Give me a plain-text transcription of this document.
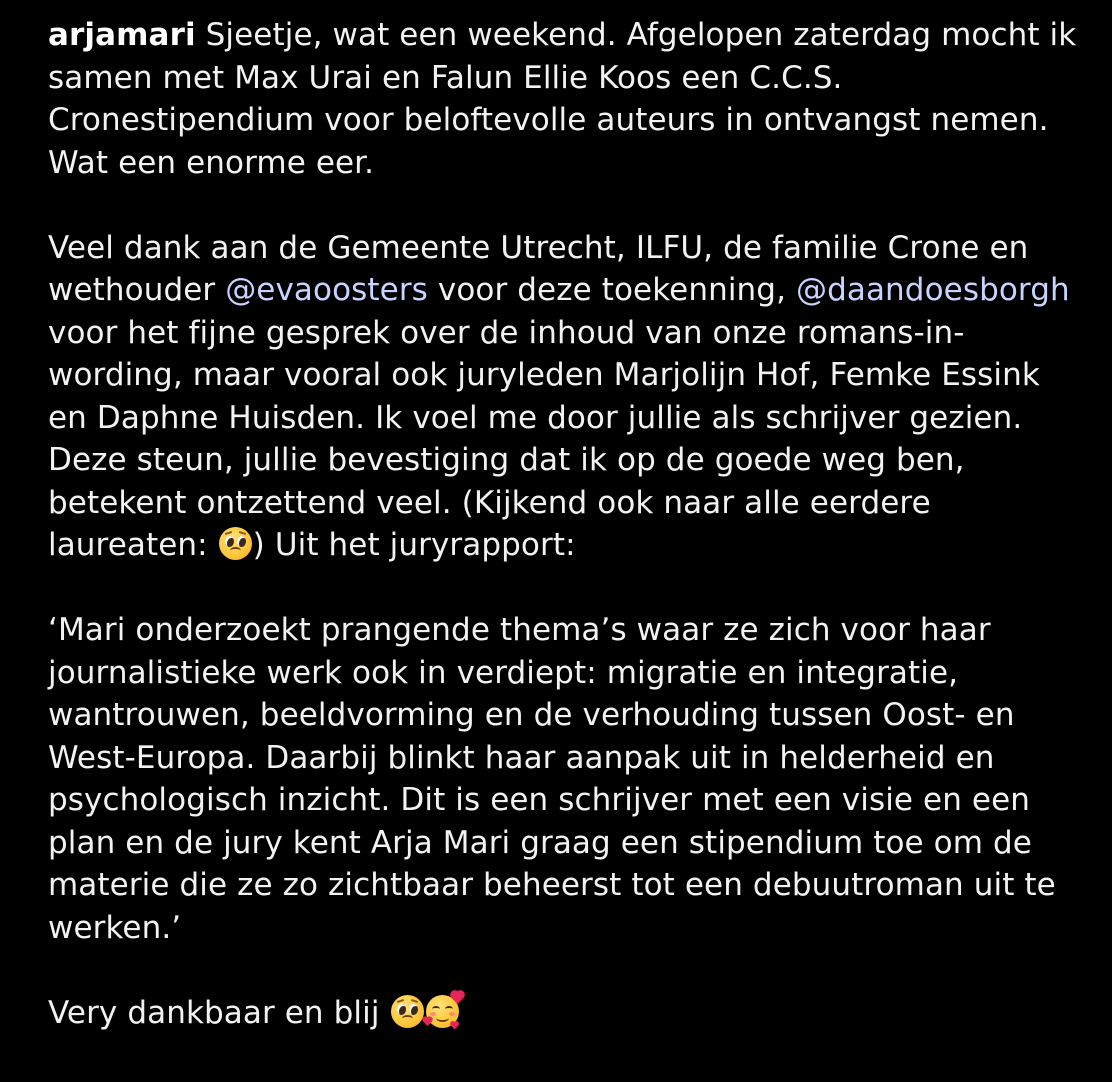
arjamari Sjeetje, wat een weekend. Afgelopen zaterdag mocht ik samen met Max Urai en Falun Ellie Koos een C.C.S. Cronestipendium voor beloftevolle auteurs in ontvangst nemen. Wat een enorme eer.

Veel dank aan de Gemeente Utrecht, ILFU, de familie Crone en wethouder @evaoosters voor deze toekenning, @daandoesborgh voor het fijne gesprek over de inhoud van onze romans-in-wording, maar vooral ook juryleden Marjolijn Hof, Femke Essink en Daphne Huisden. Ik voel me door jullie als schrijver gezien. Deze steun, jullie bevestiging dat ik op de goede weg ben, betekent ontzettend veel. (Kijkend ook naar alle eerdere laureaten:
) Uit het juryrapport:

‘Mari onderzoekt prangende thema’s waar ze zich voor haar journalistieke werk ook in verdiept: migratie en integratie, wantrouwen, beeldvorming en de verhouding tussen Oost- en West-Europa. Daarbij blinkt haar aanpak uit in helderheid en psychologisch inzicht. Dit is een schrijver met een visie en een plan en de jury kent Arja Mari graag een stipendium toe om de materie die ze zo zichtbaar beheerst tot een debuutroman uit te werken.’

Very dankbaar en blij
